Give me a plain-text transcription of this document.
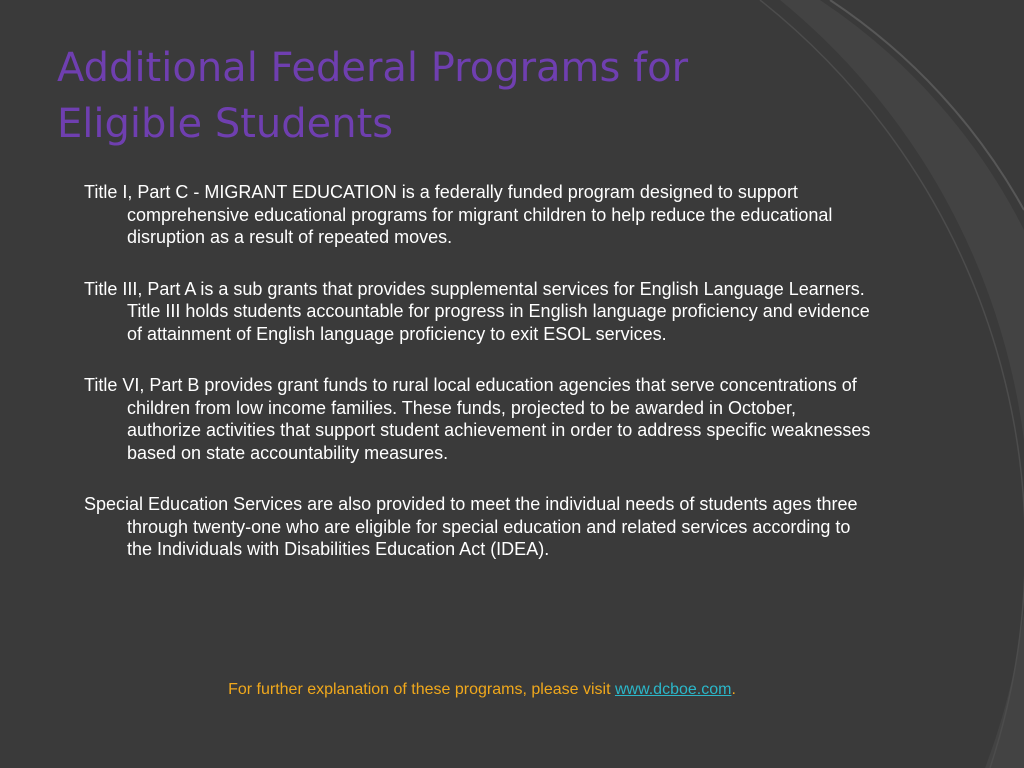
Additional Federal Programs for
Eligible Students

Title I, Part C - MIGRANT EDUCATION is a federally funded program designed to support comprehensive educational programs for migrant children to help reduce the educational disruption as a result of repeated moves.

Title III, Part A is a sub grants that provides supplemental services for English Language Learners. Title III holds students accountable for progress in English language proficiency and evidence of attainment of English language proficiency to exit ESOL services.

Title VI, Part B provides grant funds to rural local education agencies that serve concentrations of children from low income families. These funds, projected to be awarded in October, authorize activities that support student achievement in order to address specific weaknesses based on state accountability measures.

Special Education Services are also provided to meet the individual needs of students ages three through twenty-one who are eligible for special education and related services according to the Individuals with Disabilities Education Act (IDEA).

For further explanation of these programs, please visit www.dcboe.com.
